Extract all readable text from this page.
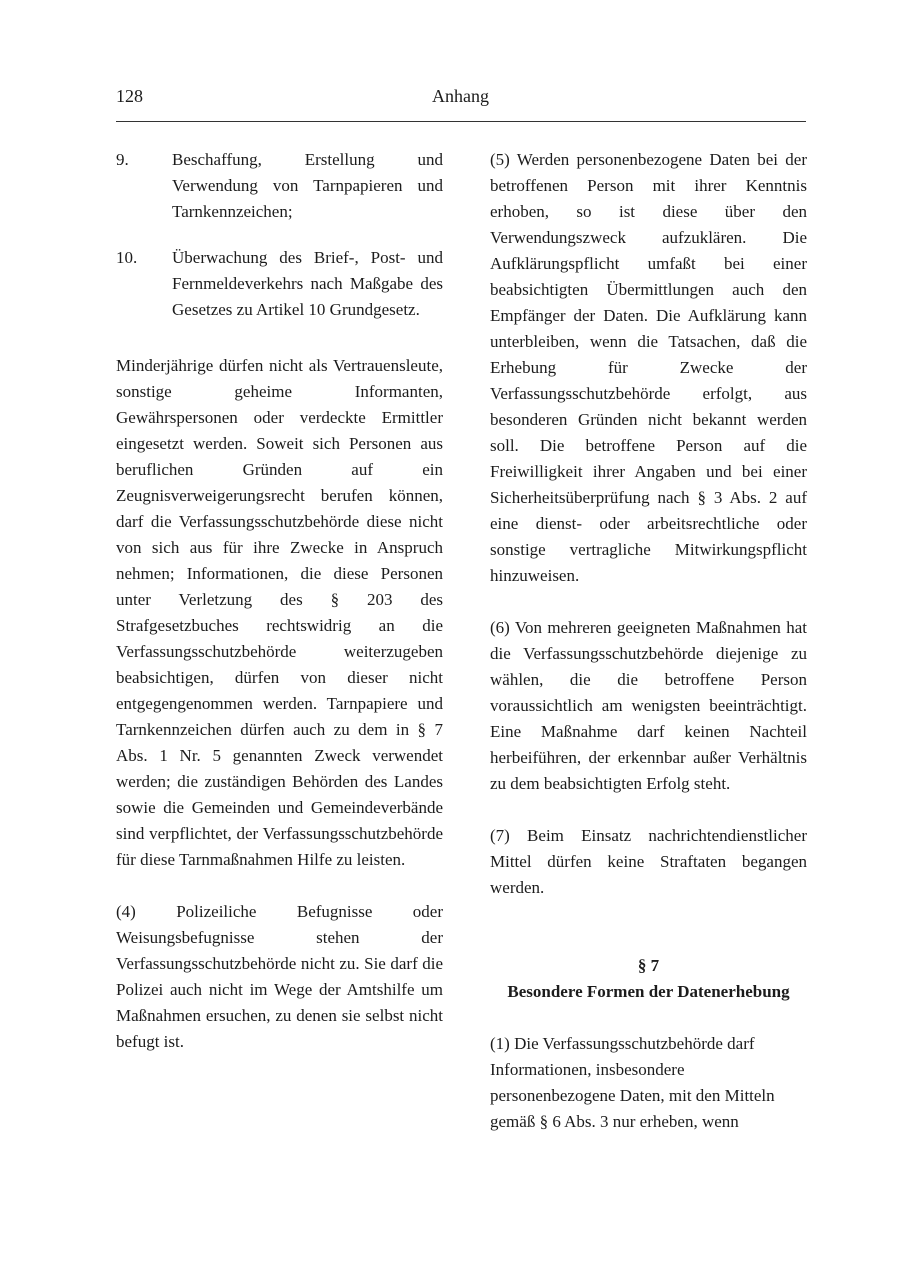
128	Anhang
9.	Beschaffung, Erstellung und Verwendung von Tarnpapieren und Tarnkennzeichen;
10.	Überwachung des Brief-, Post- und Fernmeldeverkehrs nach Maßgabe des Gesetzes zu Artikel 10 Grundgesetz.

Minderjährige dürfen nicht als Vertrauensleute, sonstige geheime Informanten, Gewährspersonen oder verdeckte Ermittler eingesetzt werden. Soweit sich Personen aus beruflichen Gründen auf ein Zeugnisverweigerungsrecht berufen können, darf die Verfassungsschutzbehörde diese nicht von sich aus für ihre Zwecke in Anspruch nehmen; Informationen, die diese Personen unter Verletzung des § 203 des Strafgesetzbuches rechtswidrig an die Verfassungsschutzbehörde weiterzugeben beabsichtigen, dürfen von dieser nicht entgegengenommen werden. Tarnpapiere und Tarnkennzeichen dürfen auch zu dem in § 7 Abs. 1 Nr. 5 genannten Zweck verwendet werden; die zuständigen Behörden des Landes sowie die Gemeinden und Gemeindeverbände sind verpflichtet, der Verfassungsschutzbehörde für diese Tarnmaßnahmen Hilfe zu leisten.

(4) Polizeiliche Befugnisse oder Weisungsbefugnisse stehen der Verfassungsschutzbehörde nicht zu. Sie darf die Polizei auch nicht im Wege der Amtshilfe um Maßnahmen ersuchen, zu denen sie selbst nicht befugt ist.

(5) Werden personenbezogene Daten bei der betroffenen Person mit ihrer Kenntnis erhoben, so ist diese über den Verwendungszweck aufzuklären. Die Aufklärungspflicht umfaßt bei einer beabsichtigten Übermittlungen auch den Empfänger der Daten. Die Aufklärung kann unterbleiben, wenn die Tatsachen, daß die Erhebung für Zwecke der Verfassungsschutzbehörde erfolgt, aus besonderen Gründen nicht bekannt werden soll. Die betroffene Person auf die Freiwilligkeit ihrer Angaben und bei einer Sicherheitsüberprüfung nach § 3 Abs. 2 auf eine dienst- oder arbeitsrechtliche oder sonstige vertragliche Mitwirkungspflicht hinzuweisen.

(6) Von mehreren geeigneten Maßnahmen hat die Verfassungsschutzbehörde diejenige zu wählen, die die betroffene Person voraussichtlich am wenigsten beeinträchtigt. Eine Maßnahme darf keinen Nachteil herbeiführen, der erkennbar außer Verhältnis zu dem beabsichtigten Erfolg steht.

(7) Beim Einsatz nachrichtendienstlicher Mittel dürfen keine Straftaten begangen werden.

§ 7
Besondere Formen der Datenerhebung

(1) Die Verfassungsschutzbehörde darf Informationen, insbesondere personenbezogene Daten, mit den Mitteln gemäß § 6 Abs. 3 nur erheben, wenn
